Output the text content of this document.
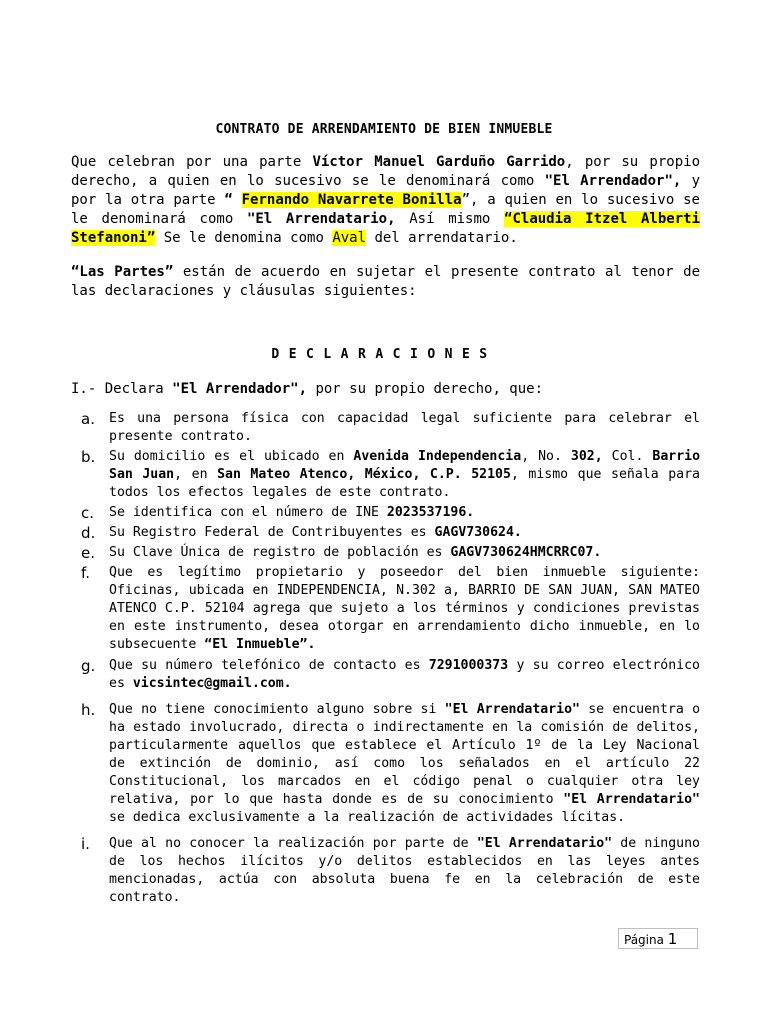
CONTRATO DE ARRENDAMIENTO DE BIEN INMUEBLE
Que celebran por una parte Víctor Manuel Garduño Garrido, por su propio derecho, a quien en lo sucesivo se le denominará como "El Arrendador", y por la otra parte “ Fernando Navarrete Bonilla”, a quien en lo sucesivo se le denominará como "El Arrendatario, Así mismo “Claudia Itzel Alberti Stefanoni” Se le denomina como Aval del arrendatario.
“Las Partes” están de acuerdo en sujetar el presente contrato al tenor de las declaraciones y cláusulas siguientes:
DECLARACIONES
I.- Declara "El Arrendador", por su propio derecho, que:
a. Es una persona física con capacidad legal suficiente para celebrar el presente contrato.
b. Su domicilio es el ubicado en Avenida Independencia, No. 302, Col. Barrio San Juan, en San Mateo Atenco, México, C.P. 52105, mismo que señala para todos los efectos legales de este contrato.
c. Se identifica con el número de INE 2023537196.
d. Su Registro Federal de Contribuyentes es GAGV730624.
e. Su Clave Única de registro de población es GAGV730624HMCRRC07.
f. Que es legítimo propietario y poseedor del bien inmueble siguiente: Oficinas, ubicada en INDEPENDENCIA, N.302 a, BARRIO DE SAN JUAN, SAN MATEO ATENCO C.P. 52104 agrega que sujeto a los términos y condiciones previstas en este instrumento, desea otorgar en arrendamiento dicho inmueble, en lo subsecuente “El Inmueble”.
g. Que su número telefónico de contacto es 7291000373 y su correo electrónico es vicsintec@gmail.com.
h. Que no tiene conocimiento alguno sobre si "El Arrendatario" se encuentra o ha estado involucrado, directa o indirectamente en la comisión de delitos, particularmente aquellos que establece el Artículo 1º de la Ley Nacional de extinción de dominio, así como los señalados en el artículo 22 Constitucional, los marcados en el código penal o cualquier otra ley relativa, por lo que hasta donde es de su conocimiento "El Arrendatario" se dedica exclusivamente a la realización de actividades lícitas.
i. Que al no conocer la realización por parte de "El Arrendatario" de ninguno de los hechos ilícitos y/o delitos establecidos en las leyes antes mencionadas, actúa con absoluta buena fe en la celebración de este contrato.
Página 1
